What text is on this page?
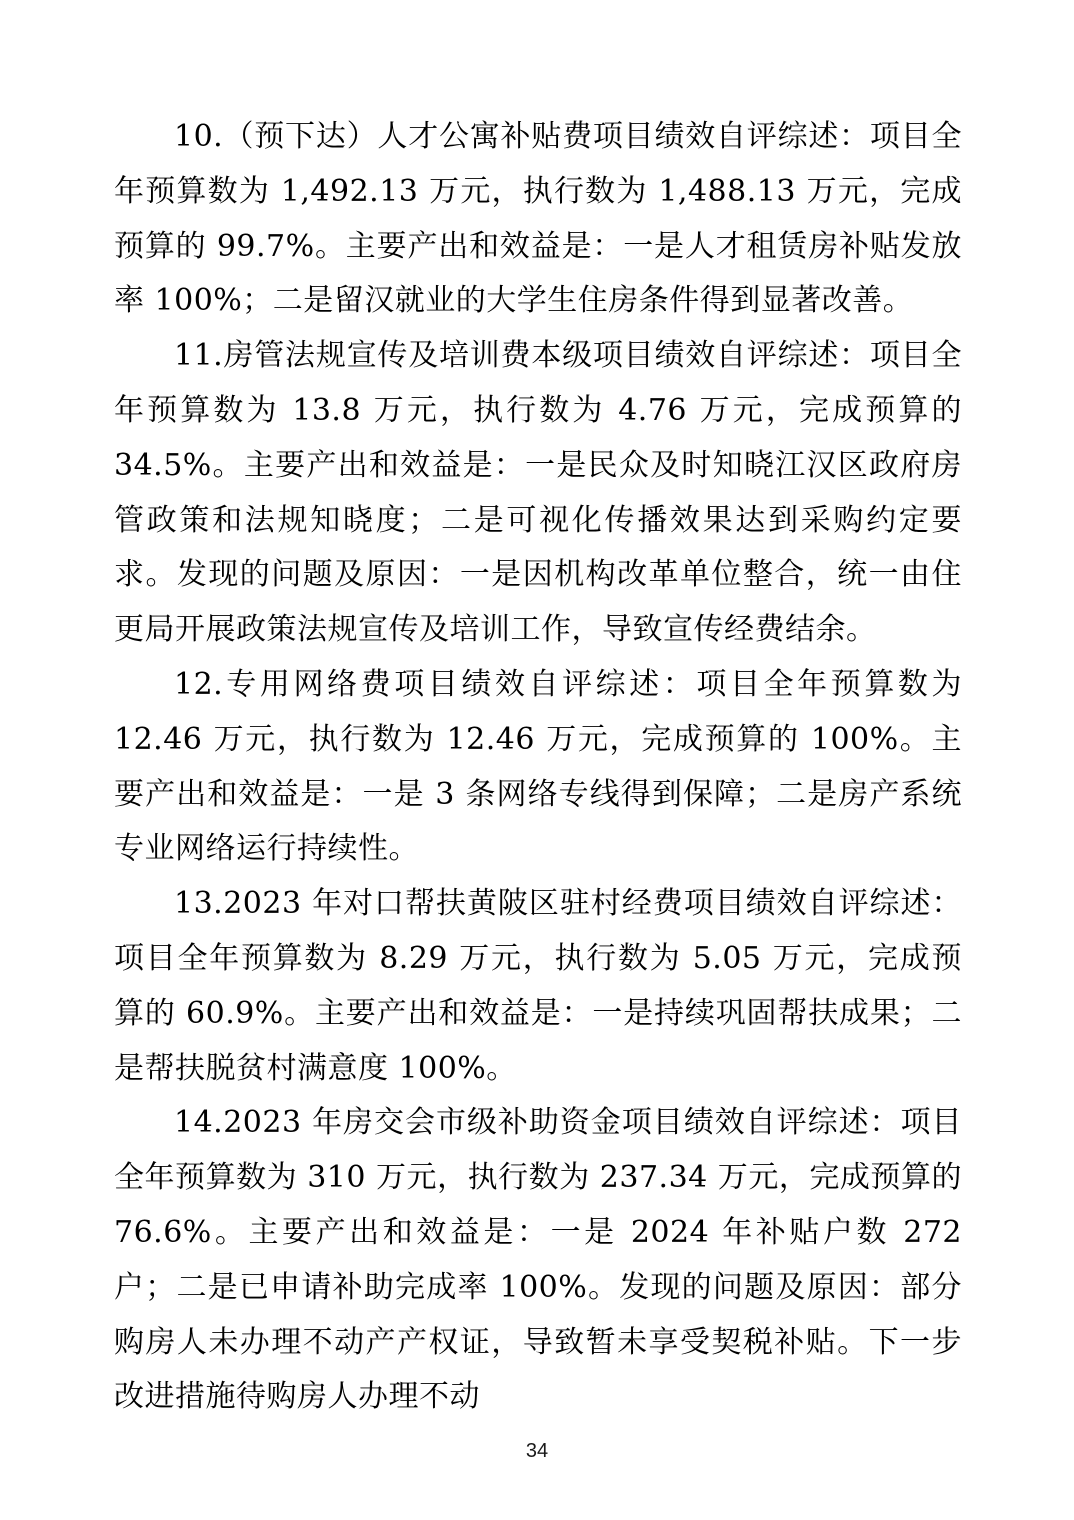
10.（预下达）人才公寓补贴费项目绩效自评综述：项目全年预算数为 1,492.13 万元，执行数为 1,488.13 万元，完成预算的 99.7%。主要产出和效益是：一是人才租赁房补贴发放率 100%；二是留汉就业的大学生住房条件得到显著改善。

11.房管法规宣传及培训费本级项目绩效自评综述：项目全年预算数为 13.8 万元，执行数为 4.76 万元，完成预算的 34.5%。主要产出和效益是：一是民众及时知晓江汉区政府房管政策和法规知晓度；二是可视化传播效果达到采购约定要求。发现的问题及原因：一是因机构改革单位整合，统一由住更局开展政策法规宣传及培训工作，导致宣传经费结余。

12.专用网络费项目绩效自评综述：项目全年预算数为 12.46 万元，执行数为 12.46 万元，完成预算的 100%。主要产出和效益是：一是 3 条网络专线得到保障；二是房产系统专业网络运行持续性。

13.2023 年对口帮扶黄陂区驻村经费项目绩效自评综述：项目全年预算数为 8.29 万元，执行数为 5.05 万元，完成预算的 60.9%。主要产出和效益是：一是持续巩固帮扶成果；二是帮扶脱贫村满意度 100%。

14.2023 年房交会市级补助资金项目绩效自评综述：项目全年预算数为 310 万元，执行数为 237.34 万元，完成预算的 76.6%。主要产出和效益是：一是 2024 年补贴户数 272 户；二是已申请补助完成率 100%。发现的问题及原因：部分购房人未办理不动产产权证，导致暂未享受契税补贴。下一步改进措施待购房人办理不动

34
